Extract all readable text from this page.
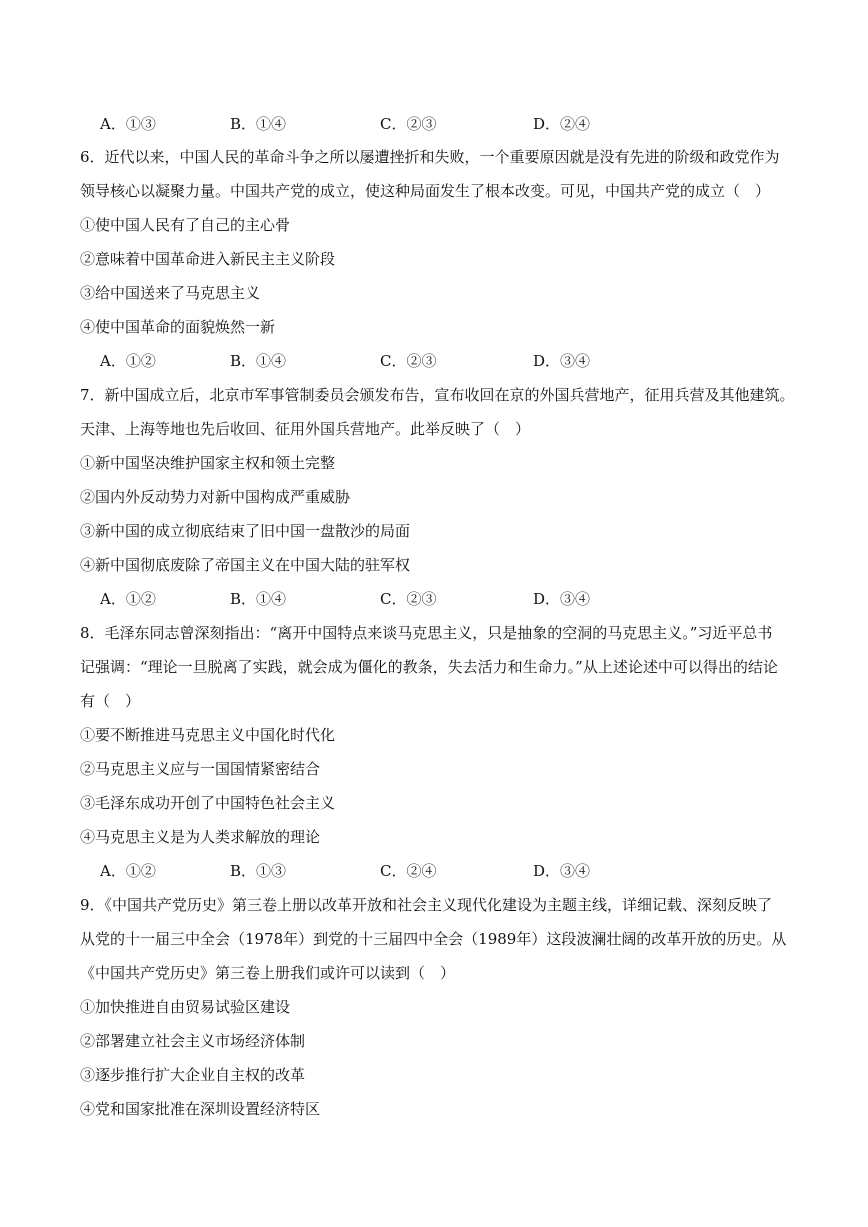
A．①③	B．①④	C．②③	D．②④
6．近代以来，中国人民的革命斗争之所以屡遭挫折和失败，一个重要原因就是没有先进的阶级和政党作为
领导核心以凝聚力量。中国共产党的成立，使这种局面发生了根本改变。可见，中国共产党的成立（　）
①使中国人民有了自己的主心骨
②意味着中国革命进入新民主主义阶段
③给中国送来了马克思主义
④使中国革命的面貌焕然一新
A．①②	B．①④	C．②③	D．③④
7．新中国成立后，北京市军事管制委员会颁发布告，宣布收回在京的外国兵营地产，征用兵营及其他建筑。
天津、上海等地也先后收回、征用外国兵营地产。此举反映了（　）
①新中国坚决维护国家主权和领土完整
②国内外反动势力对新中国构成严重威胁
③新中国的成立彻底结束了旧中国一盘散沙的局面
④新中国彻底废除了帝国主义在中国大陆的驻军权
A．①②	B．①④	C．②③	D．③④
8．毛泽东同志曾深刻指出：“离开中国特点来谈马克思主义，只是抽象的空洞的马克思主义。”习近平总书
记强调：“理论一旦脱离了实践，就会成为僵化的教条，失去活力和生命力。”从上述论述中可以得出的结论
有（　）
①要不断推进马克思主义中国化时代化
②马克思主义应与一国国情紧密结合
③毛泽东成功开创了中国特色社会主义
④马克思主义是为人类求解放的理论
A．①②	B．①③	C．②④	D．③④
9．《中国共产党历史》第三卷上册以改革开放和社会主义现代化建设为主题主线，详细记载、深刻反映了
从党的十一届三中全会（1978年）到党的十三届四中全会（1989年）这段波澜壮阔的改革开放的历史。从
《中国共产党历史》第三卷上册我们或许可以读到（　）
①加快推进自由贸易试验区建设
②部署建立社会主义市场经济体制
③逐步推行扩大企业自主权的改革
④党和国家批准在深圳设置经济特区
